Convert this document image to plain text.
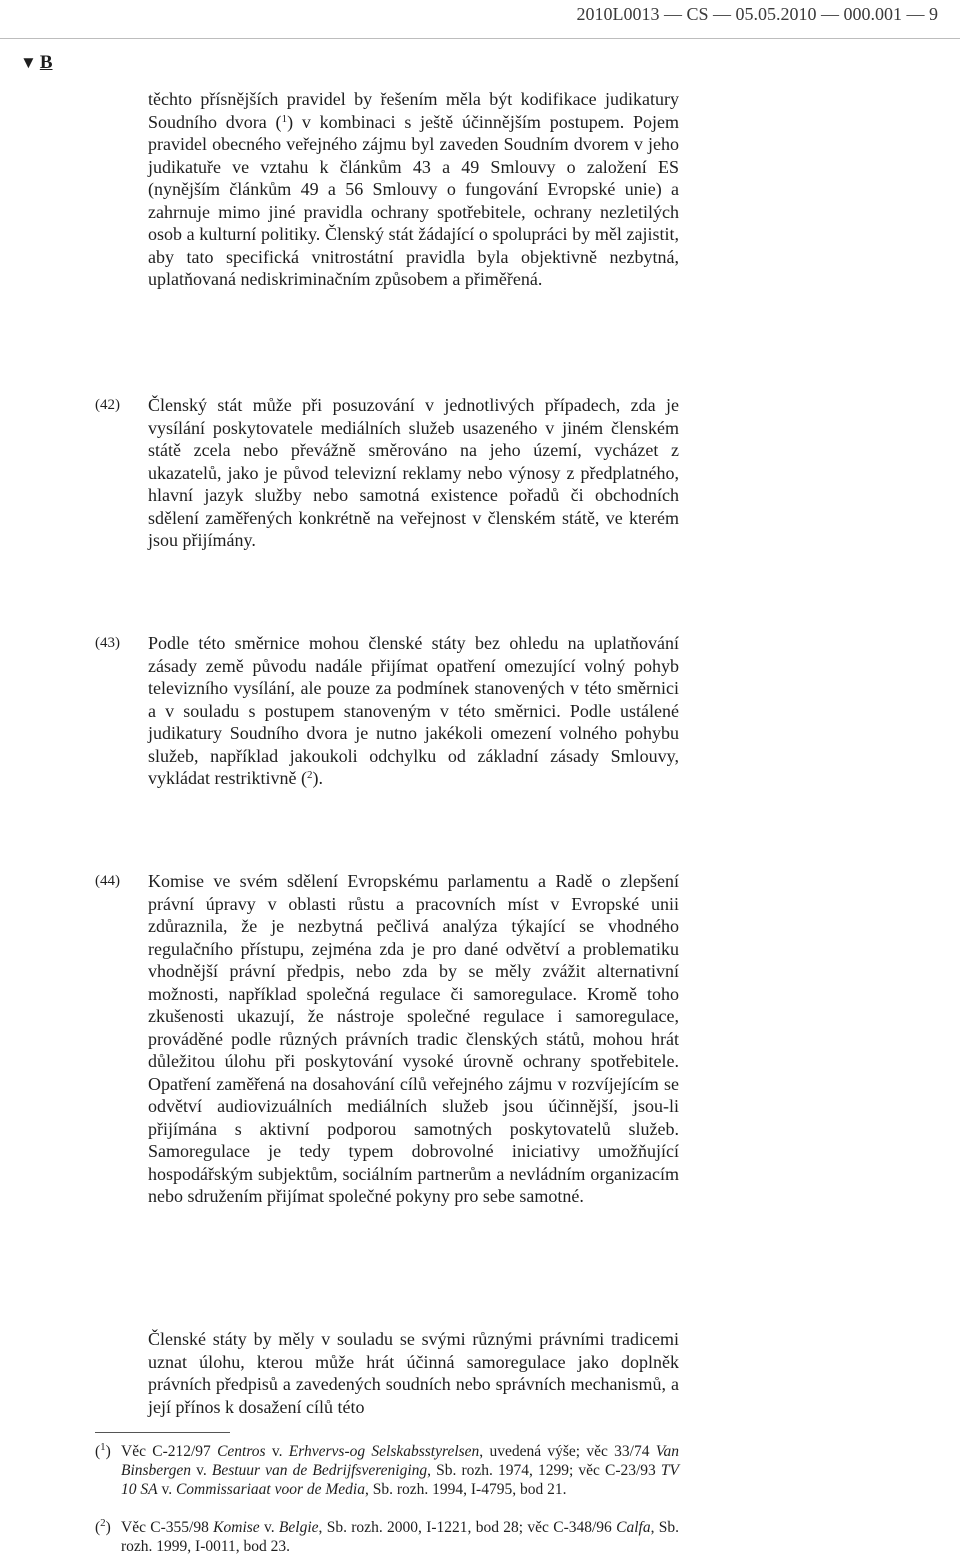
2010L0013 — CS — 05.05.2010 — 000.001 — 9
▼ B

těchto přísnějších pravidel by řešením měla být kodifikace judikatury Soudního dvora ($^1$) v kombinaci s ještě účinnějším postupem. Pojem pravidel obecného veřejného zájmu byl zaveden Soudním dvorem v jeho judikatuře ve vztahu k článkům 43 a 49 Smlouvy o založení ES (nynějším článkům 49 a 56 Smlouvy o fungování Evropské unie) a zahrnuje mimo jiné pravidla ochrany spotřebitele, ochrany nezletilých osob a kulturní politiky. Členský stát žádající o spolupráci by měl zajistit, aby tato specifická vnitrostátní pravidla byla objektivně nezbytná, uplatňovaná nediskriminačním způsobem a přiměřená.

(42) Členský stát může při posuzování v jednotlivých případech, zda je vysílání poskytovatele mediálních služeb usazeného v jiném členském státě zcela nebo převážně směrováno na jeho území, vycházet z ukazatelů, jako je původ televizní reklamy nebo výnosy z předplatného, hlavní jazyk služby nebo samotná existence pořadů či obchodních sdělení zaměřených konkrétně na veřejnost v členském státě, ve kterém jsou přijímány.

(43) Podle této směrnice mohou členské státy bez ohledu na uplatňování zásady země původu nadále přijímat opatření omezující volný pohyb televizního vysílání, ale pouze za podmínek stanovených v této směrnici a v souladu s postupem stanoveným v této směrnici. Podle ustálené judikatury Soudního dvora je nutno jakékoli omezení volného pohybu služeb, například jakoukoli odchylku od základní zásady Smlouvy, vykládat restriktivně ($^2$).

(44) Komise ve svém sdělení Evropskému parlamentu a Radě o zlepšení právní úpravy v oblasti růstu a pracovních míst v Evropské unii zdůraznila, že je nezbytná pečlivá analýza týkající se vhodného regulačního přístupu, zejména zda je pro dané odvětví a problematiku vhodnější právní předpis, nebo zda by se měly zvážit alternativní možnosti, například společná regulace či samoregulace. Kromě toho zkušenosti ukazují, že nástroje společné regulace i samoregulace, prováděné podle různých právních tradic členských států, mohou hrát důležitou úlohu při poskytování vysoké úrovně ochrany spotřebitele. Opatření zaměřená na dosahování cílů veřejného zájmu v rozvíjejícím se odvětví audiovizuálních mediálních služeb jsou účinnější, jsou-li přijímána s aktivní podporou samotných poskytovatelů služeb. Samoregulace je tedy typem dobrovolné iniciativy umožňující hospodářským subjektům, sociálním partnerům a nevládním organizacím nebo sdružením přijímat společné pokyny pro sebe samotné.

Členské státy by měly v souladu se svými různými právními tradicemi uznat úlohu, kterou může hrát účinná samoregulace jako doplněk právních předpisů a zavedených soudních nebo správních mechanismů, a její přínos k dosažení cílů této

($^1$) Věc C-212/97 Centros v. Erhvervs-og Selskabsstyrelsen, uvedená výše; věc 33/74 Van Binsbergen v. Bestuur van de Bedrijfsvereniging, Sb. rozh. 1974, 1299; věc C-23/93 TV 10 SA v. Commissariaat voor de Media, Sb. rozh. 1994, I-4795, bod 21.
($^2$) Věc C-355/98 Komise v. Belgie, Sb. rozh. 2000, I-1221, bod 28; věc C-348/96 Calfa, Sb. rozh. 1999, I-0011, bod 23.
